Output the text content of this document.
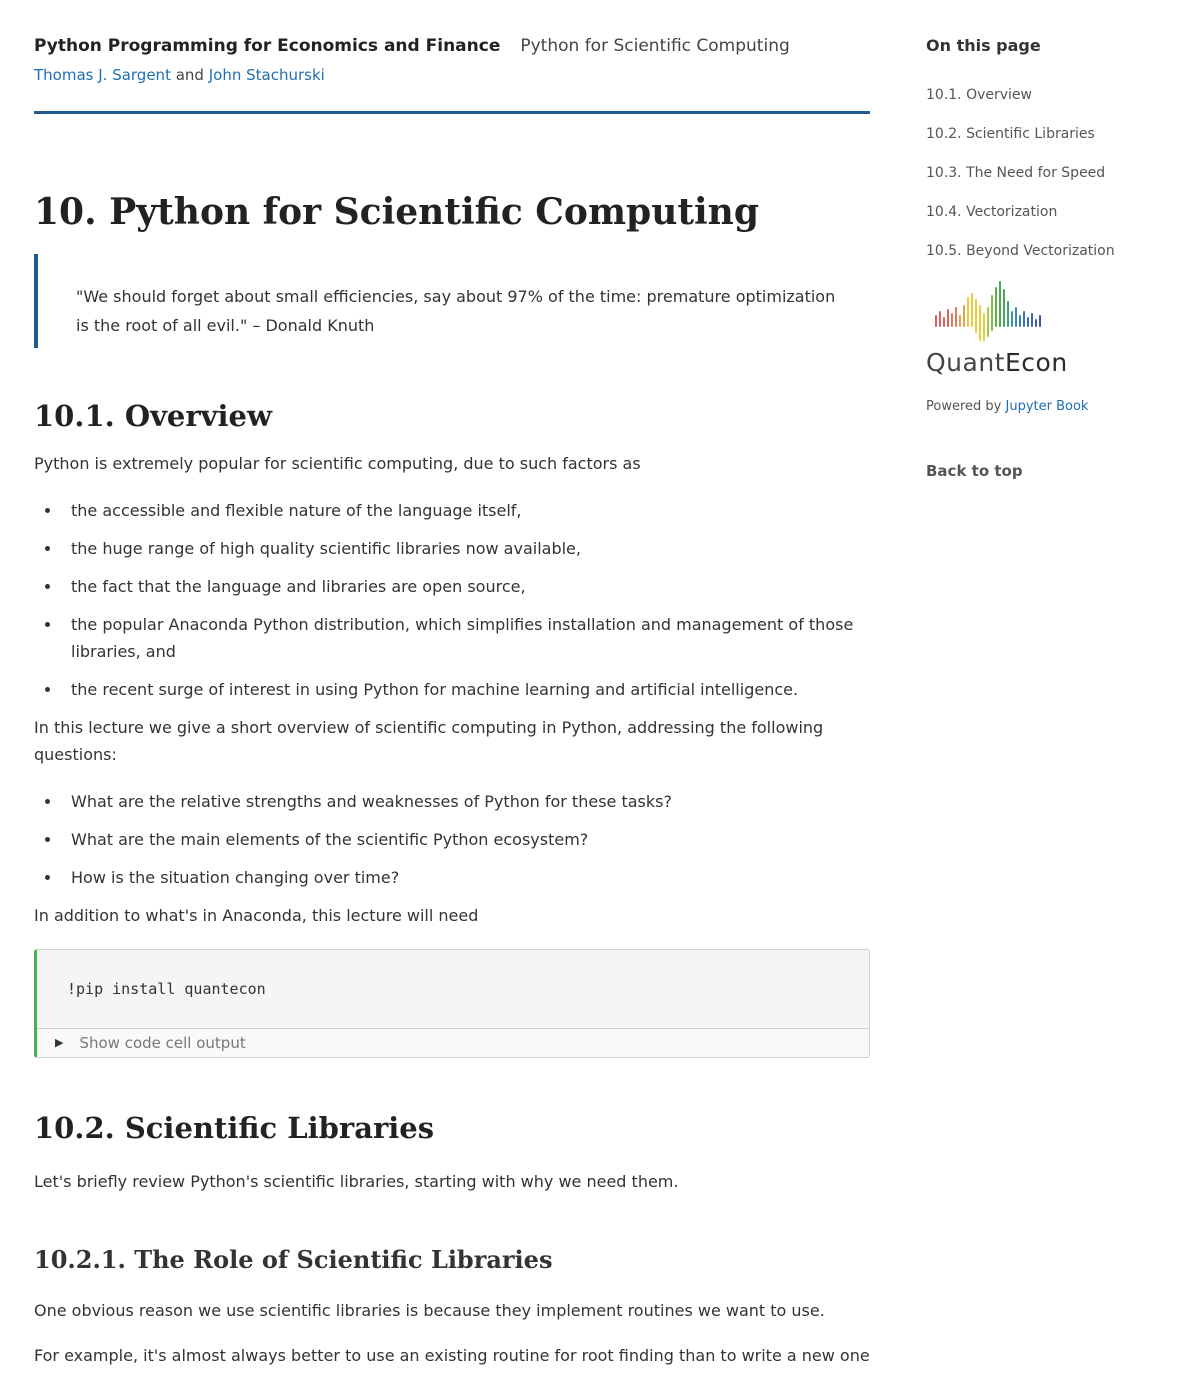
Python Programming for Economics and Finance Python for Scientific Computing
Thomas J. Sargent and John Stachurski
10. Python for Scientific Computing
"We should forget about small efficiencies, say about 97% of the time: premature optimization is the root of all evil." – Donald Knuth
10.1. Overview

Python is extremely popular for scientific computing, due to such factors as

the accessible and flexible nature of the language itself,
the huge range of high quality scientific libraries now available,
the fact that the language and libraries are open source,
the popular Anaconda Python distribution, which simplifies installation and management of those libraries, and
the recent surge of interest in using Python for machine learning and artificial intelligence.

In this lecture we give a short overview of scientific computing in Python, addressing the following questions:

What are the relative strengths and weaknesses of Python for these tasks?
What are the main elements of the scientific Python ecosystem?
How is the situation changing over time?

In addition to what's in Anaconda, this lecture will need

!pip install quantecon
▶ Show code cell output
10.2. Scientific Libraries

Let's briefly review Python's scientific libraries, starting with why we need them.

10.2.1. The Role of Scientific Libraries

One obvious reason we use scientific libraries is because they implement routines we want to use.

For example, it's almost always better to use an existing routine for root finding than to write a new one

On this page
10.1. Overview
10.2. Scientific Libraries
10.3. The Need for Speed
10.4. Vectorization
10.5. Beyond Vectorization
QuantEcon
Powered by Jupyter Book
Back to top
